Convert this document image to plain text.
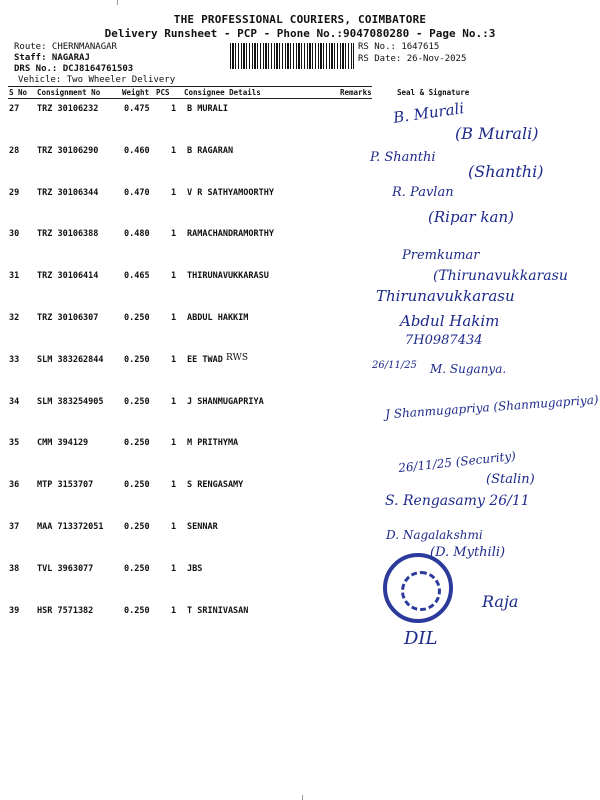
THE PROFESSIONAL COURIERS, COIMBATORE
Delivery Runsheet - PCP - Phone No.:9047080280 - Page No.:3
Route: CHERNMANAGAR
Staff: NAGARAJ
DRS No.: DCJ8164761503
Vehicle: Two Wheeler Delivery
RS No.: 1647615
RS Date: 26-Nov-2025
S No Consignment No	Weight PCS Consignee Details	Remarks	Seal & Signature
27 TRZ 30106232	0.475	1 B MURALI
28 TRZ 30106290	0.460	1 B RAGARAN
29 TRZ 30106344	0.470	1 V R SATHYAMOORTHY
30 TRZ 30106388	0.480	1 RAMACHANDRAMORTHY
31 TRZ 30106414	0.465	1 THIRUNAVUKKARASU
32 TRZ 30106307	0.250	1 ABDUL HAKKIM
33 SLM 383262844 0.250	1 EE TWAD
34 SLM 383254905 0.250	1 J SHANMUGAPRIYA
35 CMM 394129	0.250	1 M PRITHYMA
36 MTP 3153707	0.250	1 S RENGASAMY
37 MAA 713372051 0.250	1 SENNAR
38 TVL 3963077	0.250	1 JBS
39 HSR 7571382	0.250	1 T SRINIVASAN
RWS
B. Murali
(B Murali)
P. Shanthi
(Shanthi)
R. Pavlan
(Ripar kan)
Premkumar
(Thirunavukkarasu
Thirunavukkarasu
Abdul Hakim
7H0987434
26/11/25 M. Suganya.
J Shanmugapriya (Shanmugapriya)
26/11/25 (Security)
(Stalin)
S. Rengasamy 26/11
D. Nagalakshmi
(D. Mythili)
Raja
DIL
